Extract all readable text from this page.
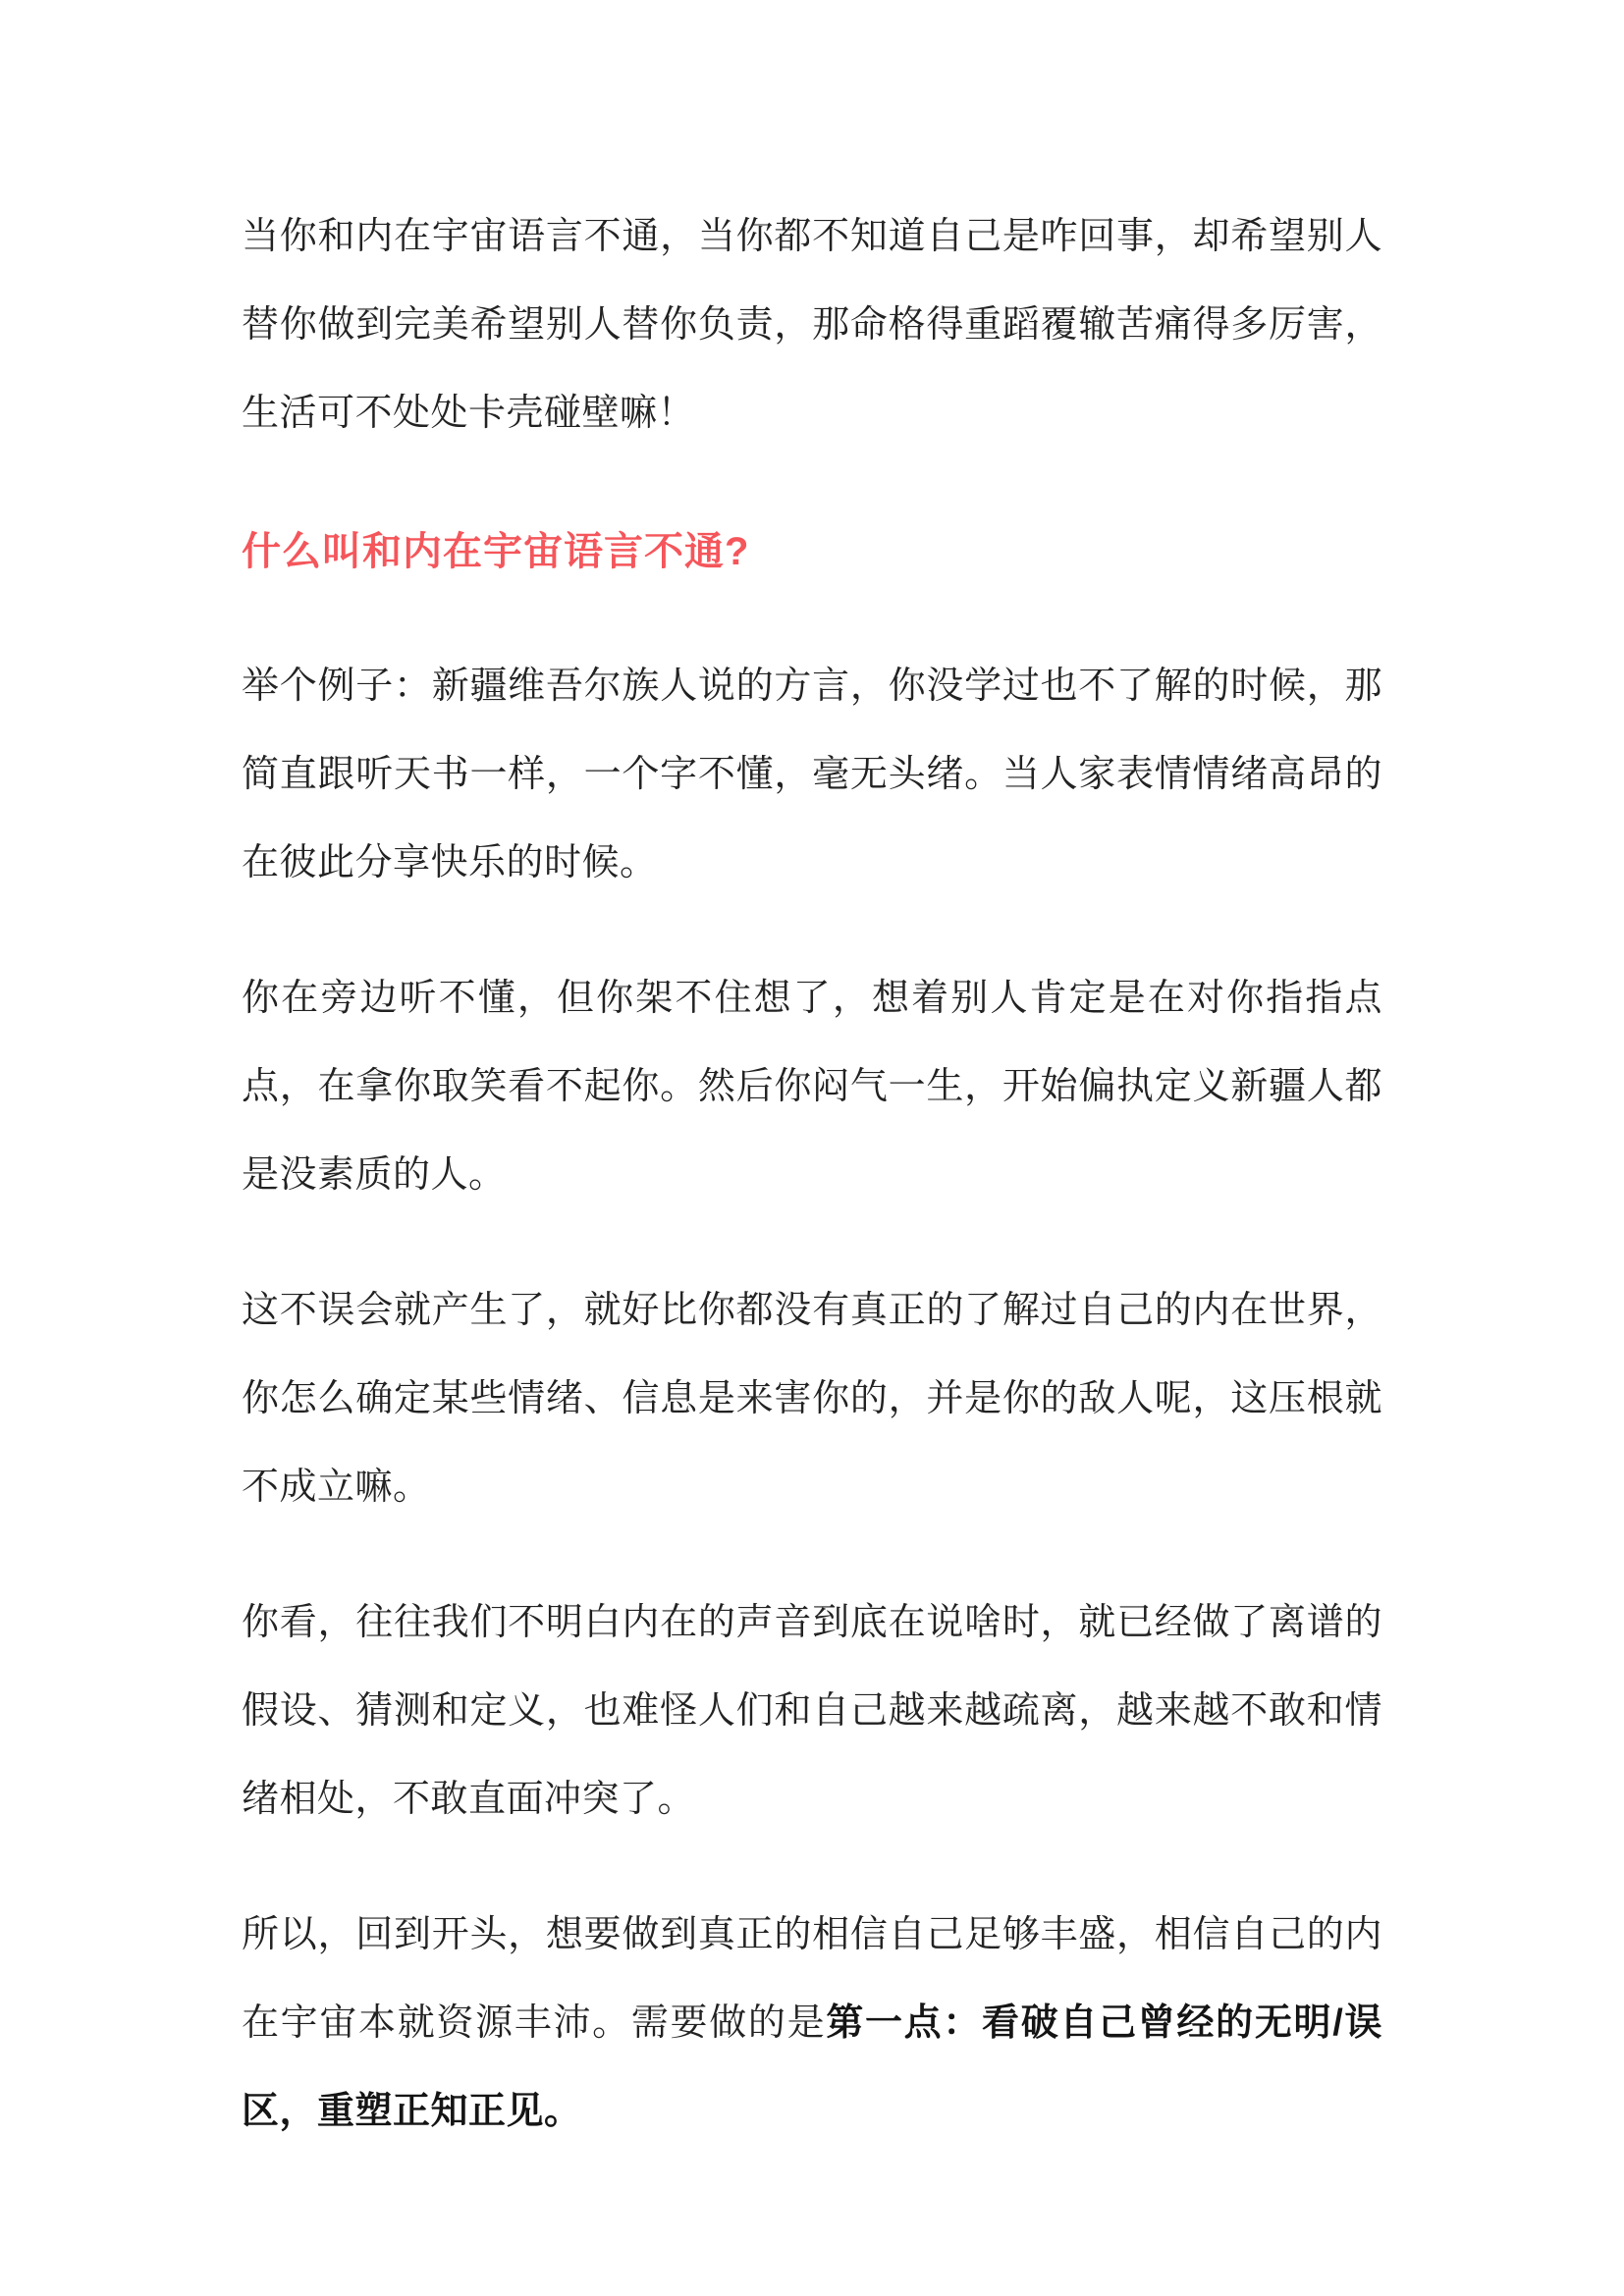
当你和内在宇宙语言不通，当你都不知道自己是咋回事，却希望别人替你做到完美希望别人替你负责，那命格得重蹈覆辙苦痛得多厉害，生活可不处处卡壳碰壁嘛！

什么叫和内在宇宙语言不通?

举个例子：新疆维吾尔族人说的方言，你没学过也不了解的时候，那简直跟听天书一样，一个字不懂，毫无头绪。当人家表情情绪高昂的在彼此分享快乐的时候。

你在旁边听不懂，但你架不住想了，想着别人肯定是在对你指指点点，在拿你取笑看不起你。然后你闷气一生，开始偏执定义新疆人都是没素质的人。

这不误会就产生了，就好比你都没有真正的了解过自己的内在世界，你怎么确定某些情绪、信息是来害你的，并是你的敌人呢，这压根就不成立嘛。

你看，往往我们不明白内在的声音到底在说啥时，就已经做了离谱的假设、猜测和定义，也难怪人们和自己越来越疏离，越来越不敢和情绪相处，不敢直面冲突了。

所以，回到开头，想要做到真正的相信自己足够丰盛，相信自己的内在宇宙本就资源丰沛。需要做的是第一点：看破自己曾经的无明/误区，重塑正知正见。
